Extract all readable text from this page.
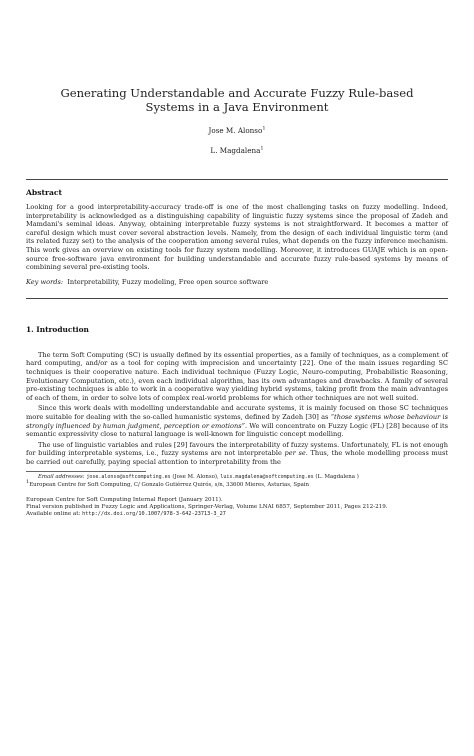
Generating Understandable and Accurate Fuzzy Rule-based Systems in a Java Environment
Jose M. Alonso$^1$
L. Magdalena$^1$
Abstract
Looking for a good interpretability-accuracy trade-off is one of the most challenging tasks on fuzzy modelling. Indeed, interpretability is acknowledged as a distinguishing capability of linguistic fuzzy systems since the proposal of Zadeh and Mamdani's seminal ideas. Anyway, obtaining interpretable fuzzy systems is not straightforward. It becomes a matter of careful design which must cover several abstraction levels. Namely, from the design of each individual linguistic term (and its related fuzzy set) to the analysis of the cooperation among several rules, what depends on the fuzzy inference mechanism. This work gives an overview on existing tools for fuzzy system modelling. Moreover, it introduces GUAJE which is an open-source free-software java environment for building understandable and accurate fuzzy rule-based systems by means of combining several pre-existing tools.
Key words: Interpretability, Fuzzy modeling, Free open source software
1. Introduction
The term Soft Computing (SC) is usually defined by its essential properties, as a family of techniques, as a complement of hard computing, and/or as a tool for coping with imprecision and uncertainty [22]. One of the main issues regarding SC techniques is their cooperative nature. Each individual technique (Fuzzy Logic, Neuro-computing, Probabilistic Reasoning, Evolutionary Computation, etc.), even each individual algorithm, has its own advantages and drawbacks. A family of several pre-existing techniques is able to work in a cooperative way yielding hybrid systems, taking profit from the main advantages of each of them, in order to solve lots of complex real-world problems for which other techniques are not well suited.
Since this work deals with modelling understandable and accurate systems, it is mainly focused on those SC techniques more suitable for dealing with the so-called humanistic systems, defined by Zadeh [30] as “those systems whose behaviour is strongly influenced by human judgment, perception or emotions”. We will concentrate on Fuzzy Logic (FL) [28] because of its semantic expressivity close to natural language is well-known for linguistic concept modelling.
The use of linguistic variables and rules [29] favours the interpretability of fuzzy systems. Unfortunately, FL is not enough for building interpretable systems, i.e., fuzzy systems are not interpretable per se. Thus, the whole modelling process must be carried out carefully, paying special attention to interpretability from the
Email addresses: jose.alonso@softcomputing.es (Jose M. Alonso), luis.magdalena@softcomputing.es (L. Magdalena )
$^1$European Centre for Soft Computing, C/ Gonzalo Gutiérrez Quirós, s/n, 33600 Mieres, Asturias, Spain
European Centre for Soft Computing Internal Report (January 2011).
Final version published in Fuzzy Logic and Applications, Springer-Verlag, Volume LNAI 6857, September 2011, Pages 212-219.
Available online at: http://dx.doi.org/10.1007/978-3-642-23713-3_27
